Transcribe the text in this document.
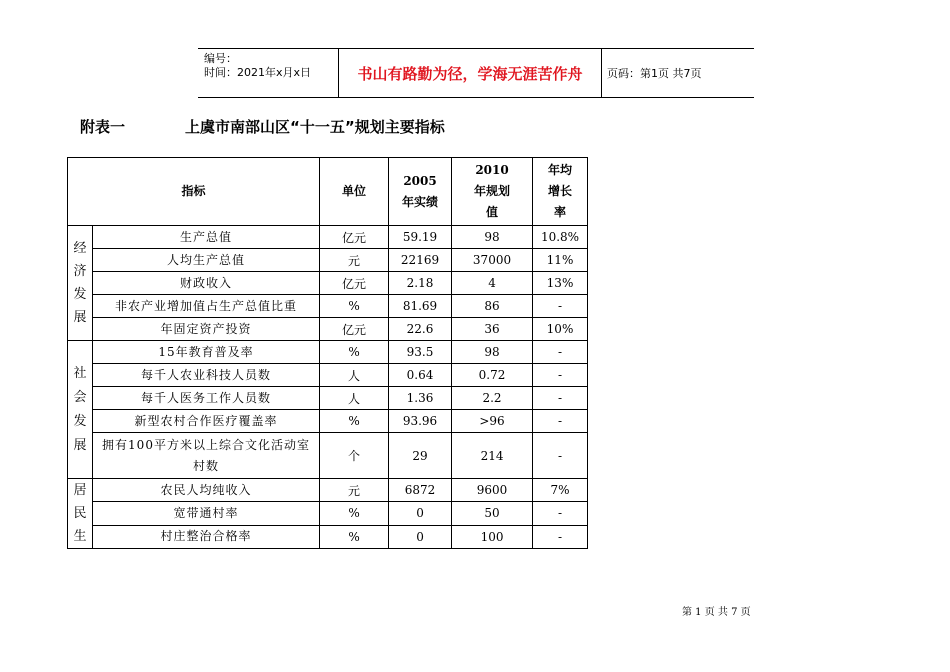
编号：
时间：2021年x月x日	书山有路勤为径，学海无涯苦作舟 页码：第1页 共7页
附表一	上虞市南部山区“十一五”规划主要指标
指标		单位	2005年实绩	2010年规划值	年均增长率

经济发展	生产总值	亿元	59.19	98	10.8%
	人均生产总值	元	22169	37000	11%
	财政收入	亿元	2.18	4	13%
	非农产业增加值占生产总值比重	%	81.69	86	-
	年固定资产投资	亿元	22.6	36	10%

社会发展	15年教育普及率	%	93.5	98	-
	每千人农业科技人员数	人	0.64	0.72	-
	每千人医务工作人员数	人	1.36	2.2	-
	新型农村合作医疗覆盖率	%	93.96	>96	-

	拥有100平方米以上综合文化活动室村数	个	29	214	-

居民生	农民人均纯收入	元	6872	9600	7%
	宽带通村率	%	0	50	-
	村庄整治合格率	%	0	100	-
第 1 页 共 7 页
